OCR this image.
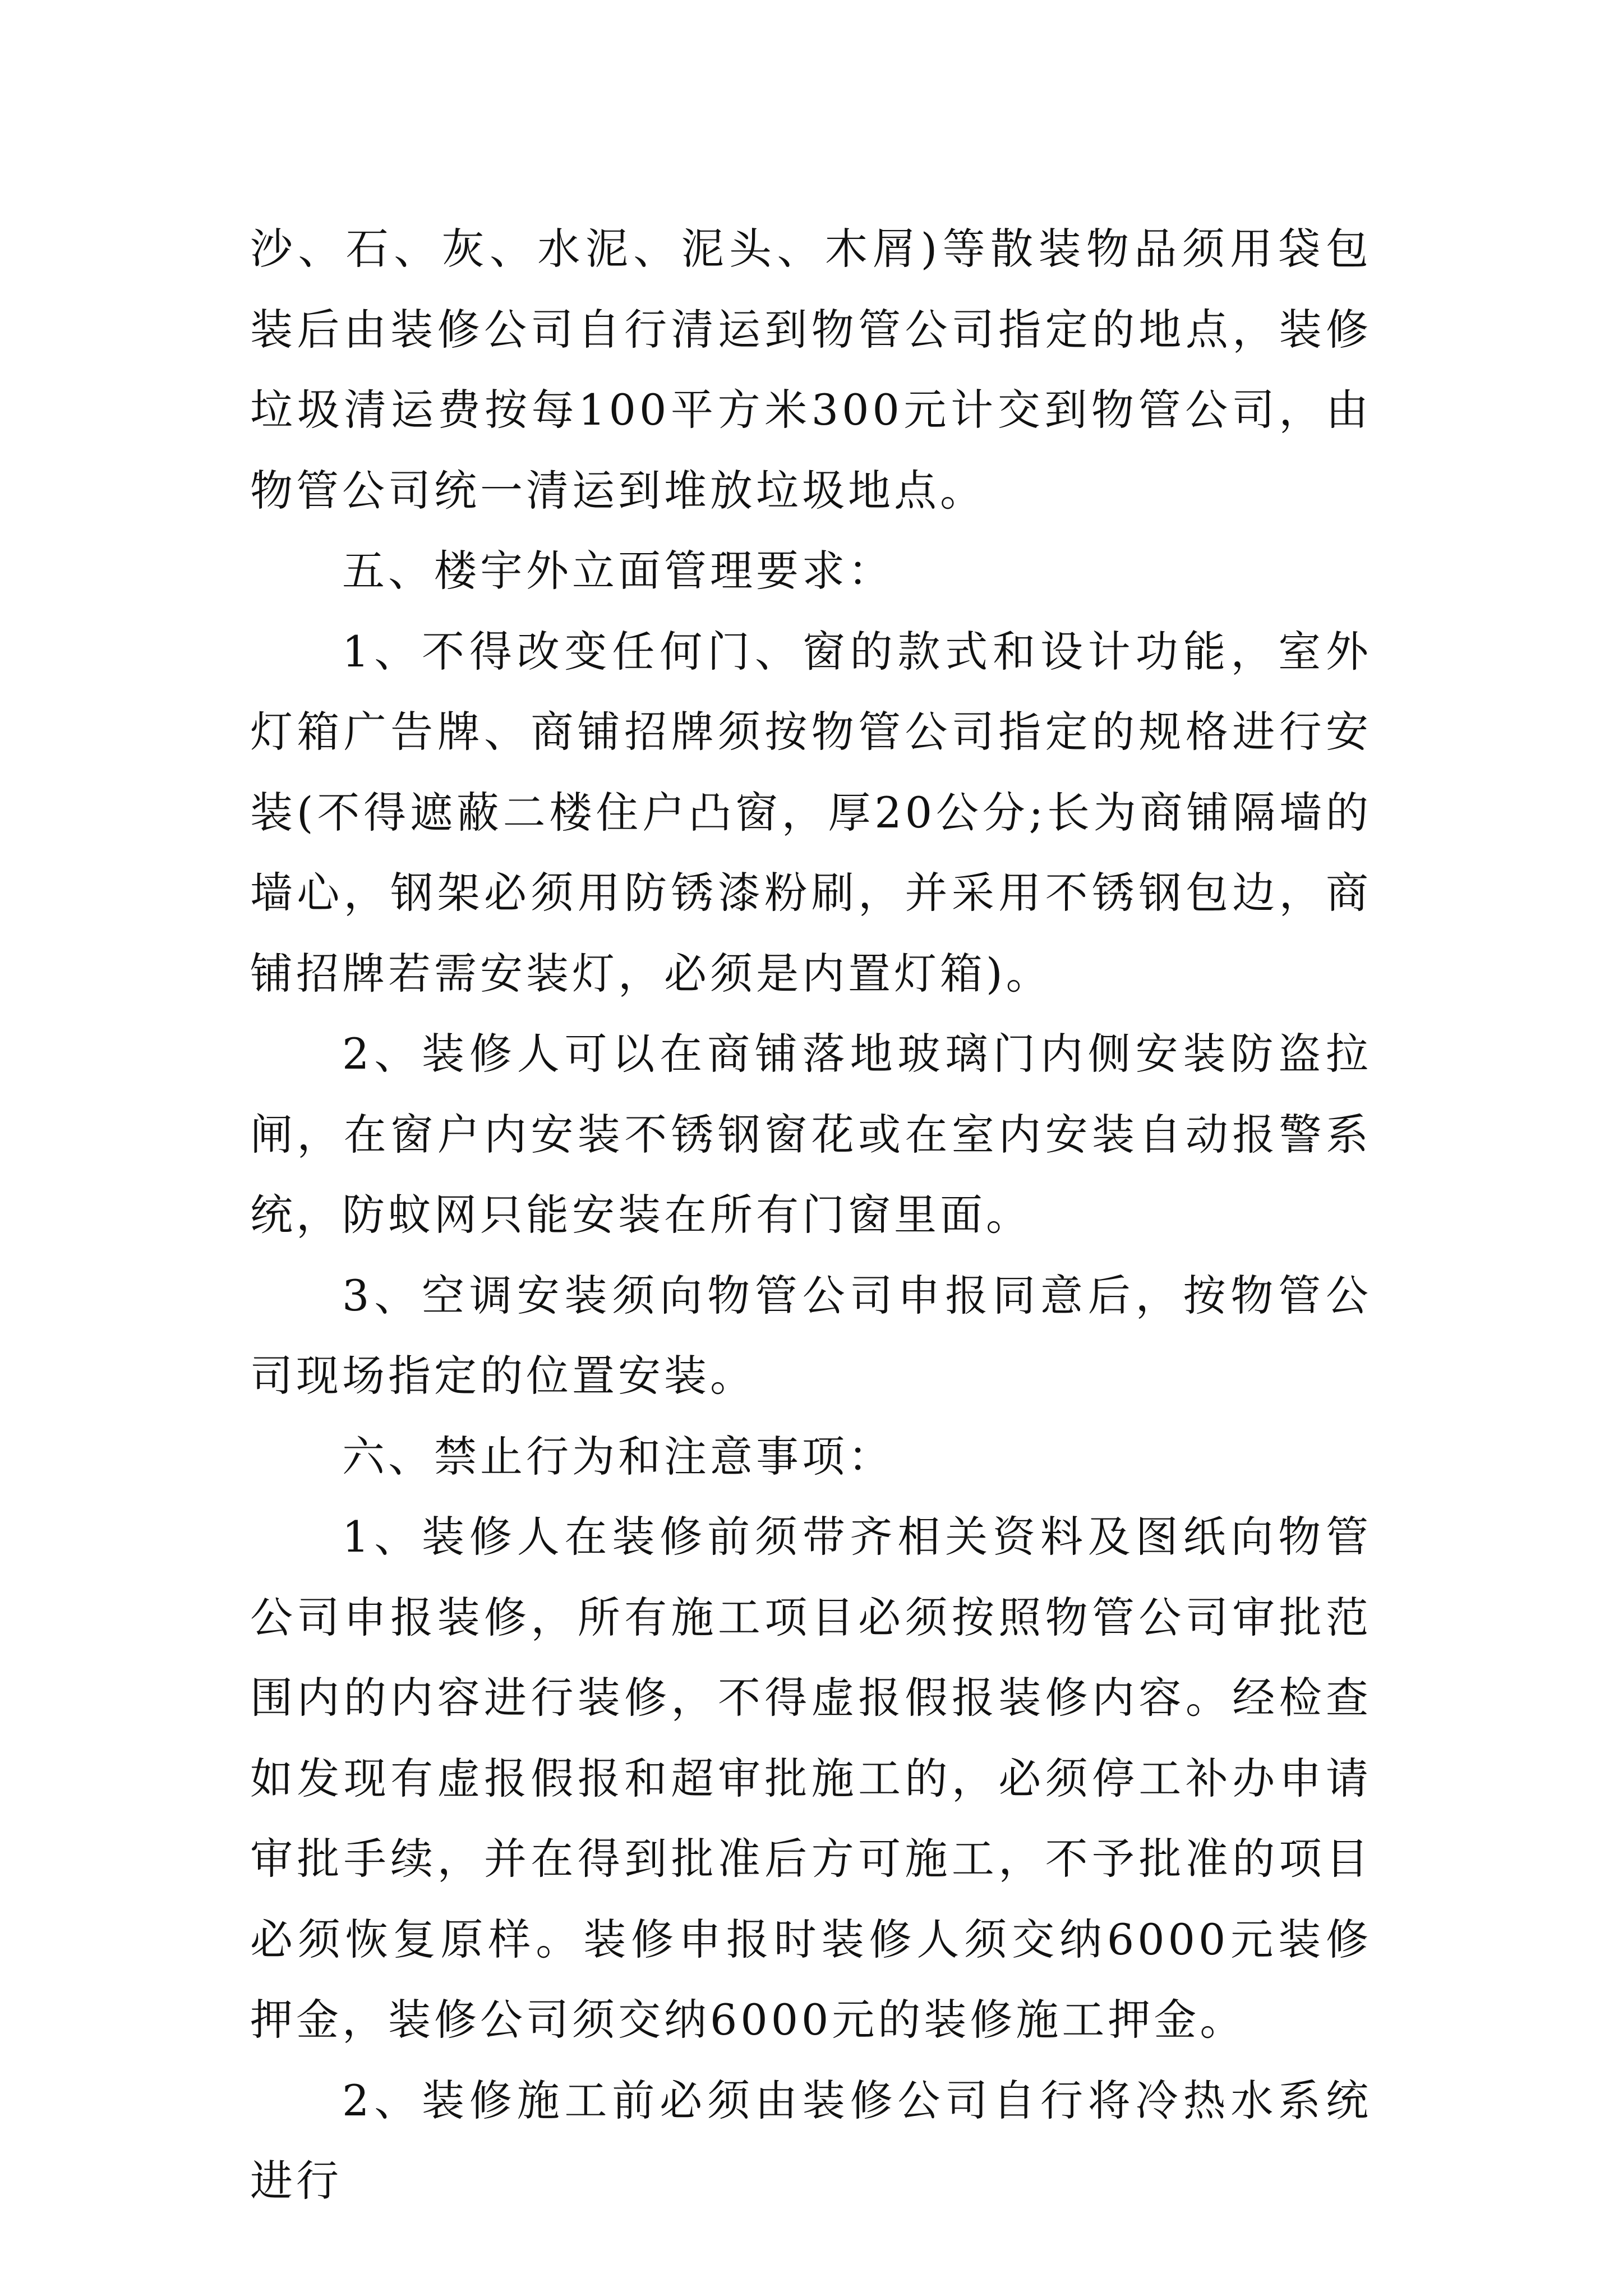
沙、石、灰、水泥、泥头、木屑)等散装物品须用袋包装后由装修公司自行清运到物管公司指定的地点，装修垃圾清运费按每100平方米300元计交到物管公司，由物管公司统一清运到堆放垃圾地点。

五、楼宇外立面管理要求：

1、不得改变任何门、窗的款式和设计功能，室外灯箱广告牌、商铺招牌须按物管公司指定的规格进行安装(不得遮蔽二楼住户凸窗，厚20公分;长为商铺隔墙的墙心，钢架必须用防锈漆粉刷，并采用不锈钢包边，商铺招牌若需安装灯，必须是内置灯箱)。

2、装修人可以在商铺落地玻璃门内侧安装防盗拉闸，在窗户内安装不锈钢窗花或在室内安装自动报警系统，防蚊网只能安装在所有门窗里面。

3、空调安装须向物管公司申报同意后，按物管公司现场指定的位置安装。

六、禁止行为和注意事项：

1、装修人在装修前须带齐相关资料及图纸向物管公司申报装修，所有施工项目必须按照物管公司审批范围内的内容进行装修，不得虚报假报装修内容。经检查如发现有虚报假报和超审批施工的，必须停工补办申请审批手续，并在得到批准后方可施工，不予批准的项目必须恢复原样。装修申报时装修人须交纳6000元装修押金，装修公司须交纳6000元的装修施工押金。

2、装修施工前必须由装修公司自行将冷热水系统进行
